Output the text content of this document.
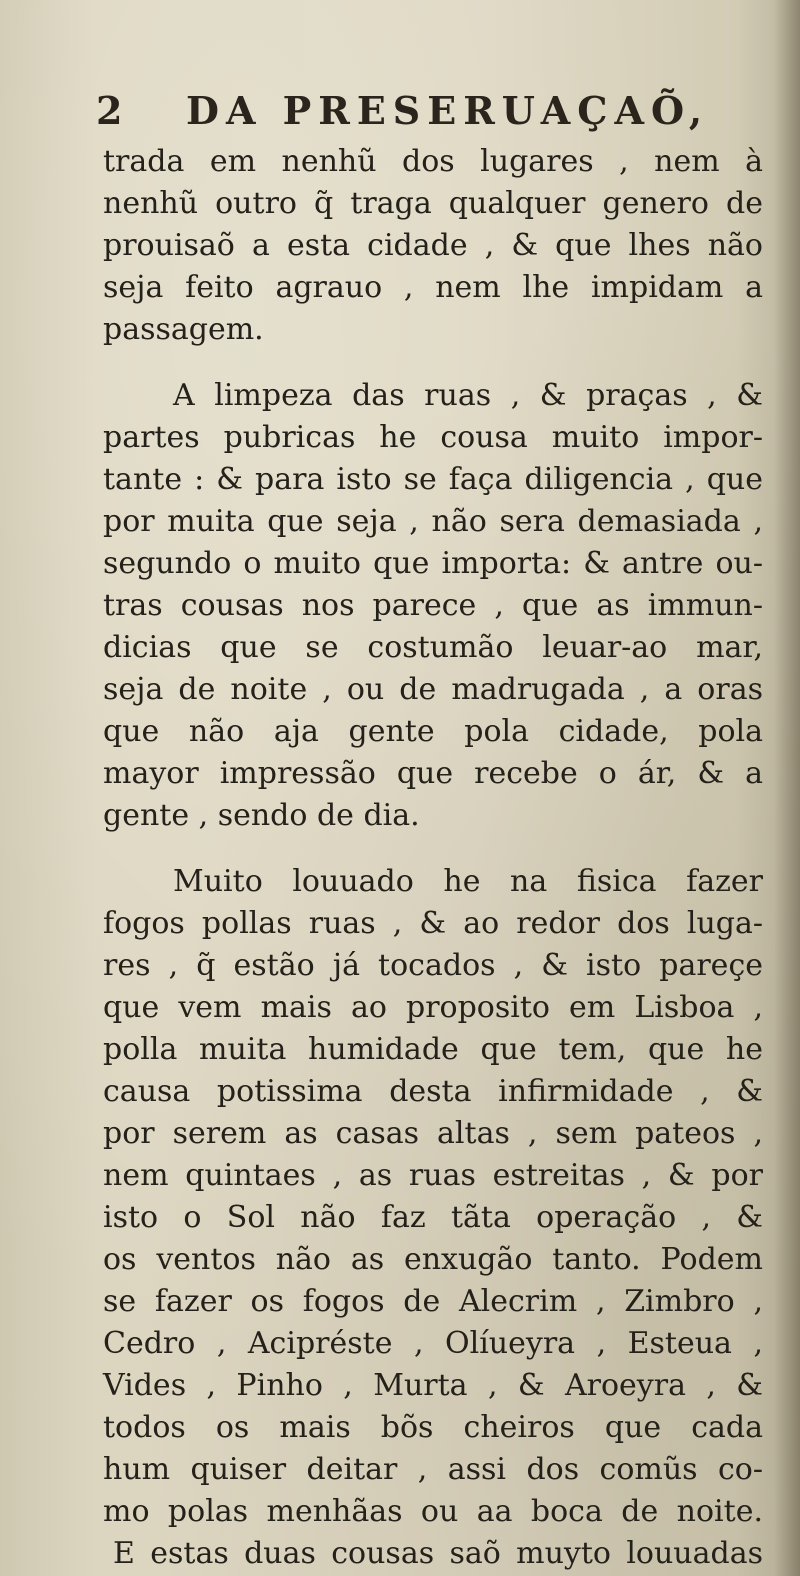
2 DA PRESERUAÇAÕ,
trada em nenhũ dos lugares , nem à
nenhũ outro q̃ traga qualquer genero de
prouisaõ a esta cidade , & que lhes não
seja feito agrauo , nem lhe impidam a
passagem.
A limpeza das ruas , & praças , &
partes pubricas he cousa muito impor-
tante : & para isto se faça diligencia , que
por muita que seja , não sera demasiada ,
segundo o muito que importa: & antre ou-
tras cousas nos parece , que as immun-
dicias que se costumão leuar-ao mar,
seja de noite , ou de madrugada , a oras
que não aja gente pola cidade, pola
mayor impressão que recebe o ár, & a
gente , sendo de dia.
Muito louuado he na fisica fazer
fogos pollas ruas , & ao redor dos luga-
res , q̃ estão já tocados , & isto pareçe
que vem mais ao proposito em Lisboa ,
polla muita humidade que tem, que he
causa potissima desta infirmidade , &
por serem as casas altas , sem pateos ,
nem quintaes , as ruas estreitas , & por
isto o Sol não faz tãta operação , &
os ventos não as enxugão tanto. Podem
se fazer os fogos de Alecrim , Zimbro ,
Cedro , Acipréste , Olíueyra , Esteua ,
Vides , Pinho , Murta , & Aroeyra , &
todos os mais bõs cheiros que cada
hum quiser deitar , assi dos comũs co-
mo polas menhãas ou aa boca de noite.
E estas duas cousas saõ muyto louuadas
